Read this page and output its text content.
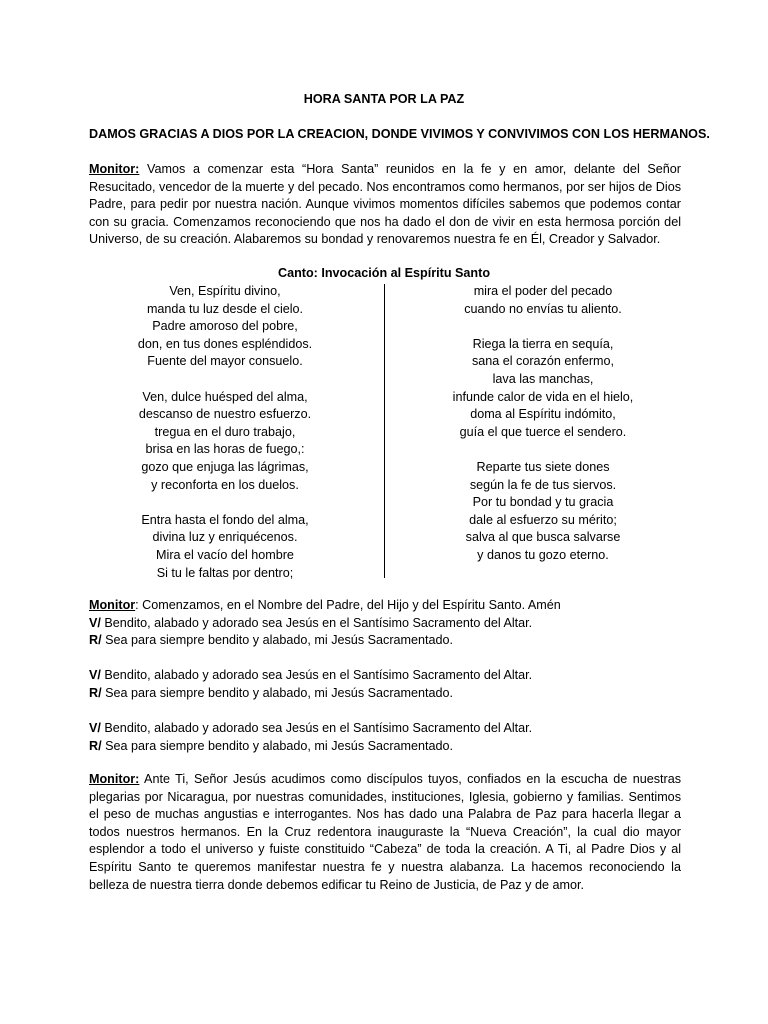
HORA SANTA POR LA PAZ
DAMOS GRACIAS A DIOS POR LA CREACION, DONDE VIVIMOS Y CONVIVIMOS CON LOS HERMANOS.
Monitor: Vamos a comenzar esta “Hora Santa” reunidos en la fe y en amor, delante del Señor Resucitado, vencedor de la muerte y del pecado. Nos encontramos como hermanos, por ser hijos de Dios Padre, para pedir por nuestra nación. Aunque vivimos momentos difíciles sabemos que podemos contar con su gracia. Comenzamos reconociendo que nos ha dado el don de vivir en esta hermosa porción del Universo, de su creación. Alabaremos su bondad y renovaremos nuestra fe en Él, Creador y Salvador.
Canto: Invocación al Espíritu Santo
Ven, Espíritu divino,
manda tu luz desde el cielo.
Padre amoroso del pobre,
don, en tus dones espléndidos.
Fuente del mayor consuelo.
Ven, dulce huésped del alma,
descanso de nuestro esfuerzo.
tregua en el duro trabajo,
brisa en las horas de fuego,:
gozo que enjuga las lágrimas,
y reconforta en los duelos.
Entra hasta el fondo del alma,
divina luz y enriquécenos.
Mira el vacío del hombre
Si tu le faltas por dentro;
mira el poder del pecado
cuando no envías tu aliento.
Riega la tierra en sequía,
sana el corazón enfermo,
lava las manchas,
infunde calor de vida en el hielo,
doma al Espíritu indómito,
guía el que tuerce el sendero.
Reparte tus siete dones
según la fe de tus siervos.
Por tu bondad y tu gracia
dale al esfuerzo su mérito;
salva al que busca salvarse
y danos tu gozo eterno.
Monitor: Comenzamos, en el Nombre del Padre, del Hijo y del Espíritu Santo. Amén
V/ Bendito, alabado y adorado sea Jesús en el Santísimo Sacramento del Altar.
R/ Sea para siempre bendito y alabado, mi Jesús Sacramentado.
V/ Bendito, alabado y adorado sea Jesús en el Santísimo Sacramento del Altar.
R/ Sea para siempre bendito y alabado, mi Jesús Sacramentado.
V/ Bendito, alabado y adorado sea Jesús en el Santísimo Sacramento del Altar.
R/ Sea para siempre bendito y alabado, mi Jesús Sacramentado.
Monitor: Ante Ti, Señor Jesús acudimos como discípulos tuyos, confiados en la escucha de nuestras plegarias por Nicaragua, por nuestras comunidades, instituciones, Iglesia, gobierno y familias. Sentimos el peso de muchas angustias e interrogantes. Nos has dado una Palabra de Paz para hacerla llegar a todos nuestros hermanos. En la Cruz redentora inauguraste la “Nueva Creación”, la cual dio mayor esplendor a todo el universo y fuiste constituido “Cabeza” de toda la creación. A Ti, al Padre Dios y al Espíritu Santo te queremos manifestar nuestra fe y nuestra alabanza. La hacemos reconociendo la belleza de nuestra tierra donde debemos edificar tu Reino de Justicia, de Paz y de amor.
